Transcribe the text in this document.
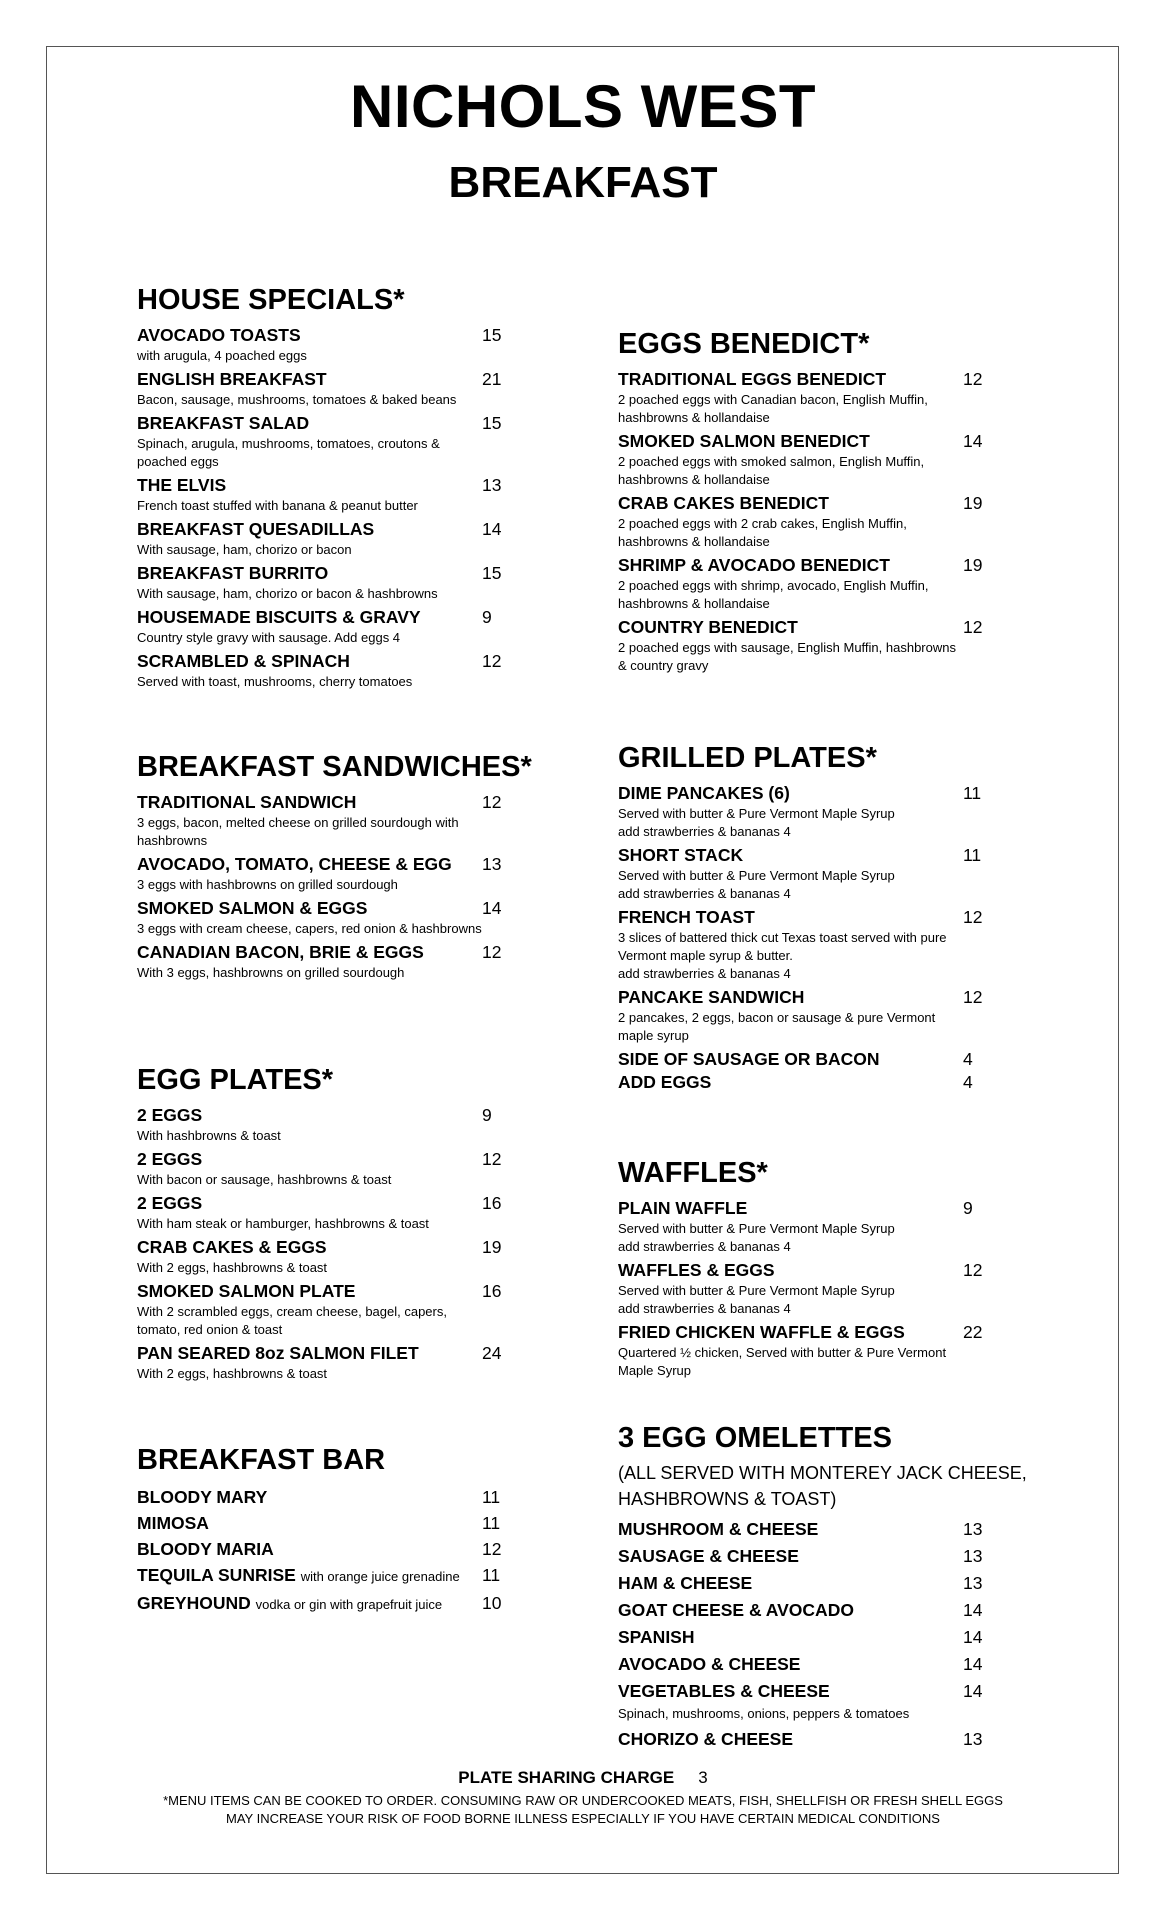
NICHOLS WEST
BREAKFAST
HOUSE SPECIALS*
AVOCADO TOASTS	15
with arugula, 4 poached eggs
ENGLISH BREAKFAST	21
Bacon, sausage, mushrooms, tomatoes & baked beans
BREAKFAST SALAD	15
Spinach, arugula, mushrooms, tomatoes, croutons & poached eggs
THE ELVIS	13
French toast stuffed with banana & peanut butter
BREAKFAST QUESADILLAS	14
With sausage, ham, chorizo or bacon
BREAKFAST BURRITO	15
With sausage, ham, chorizo or bacon & hashbrowns
HOUSEMADE BISCUITS & GRAVY	9
Country style gravy with sausage. Add eggs 4
SCRAMBLED & SPINACH	12
Served with toast, mushrooms, cherry tomatoes
BREAKFAST SANDWICHES*
TRADITIONAL SANDWICH	12
3 eggs, bacon, melted cheese on grilled sourdough with hashbrowns
AVOCADO, TOMATO, CHEESE & EGG	13
3 eggs with hashbrowns on grilled sourdough
SMOKED SALMON & EGGS	14
3 eggs with cream cheese, capers, red onion & hashbrowns
CANADIAN BACON, BRIE & EGGS	12
With 3 eggs, hashbrowns on grilled sourdough
EGG PLATES*
2 EGGS	9
With hashbrowns & toast
2 EGGS	12
With bacon or sausage, hashbrowns & toast
2 EGGS	16
With ham steak or hamburger, hashbrowns & toast
CRAB CAKES & EGGS	19
With 2 eggs, hashbrowns & toast
SMOKED SALMON PLATE	16
With 2 scrambled eggs, cream cheese, bagel, capers, tomato, red onion & toast
PAN SEARED 8oz SALMON FILET	24
With 2 eggs, hashbrowns & toast
BREAKFAST BAR
BLOODY MARY	11
MIMOSA	11
BLOODY MARIA	12
TEQUILA SUNRISE with orange juice grenadine	11
GREYHOUND vodka or gin with grapefruit juice	10
EGGS BENEDICT*
TRADITIONAL EGGS BENEDICT	12
2 poached eggs with Canadian bacon, English Muffin, hashbrowns & hollandaise
SMOKED SALMON BENEDICT	14
2 poached eggs with smoked salmon, English Muffin, hashbrowns & hollandaise
CRAB CAKES BENEDICT	19
2 poached eggs with 2 crab cakes, English Muffin, hashbrowns & hollandaise
SHRIMP & AVOCADO BENEDICT	19
2 poached eggs with shrimp, avocado, English Muffin, hashbrowns & hollandaise
COUNTRY BENEDICT	12
2 poached eggs with sausage, English Muffin, hashbrowns & country gravy
GRILLED PLATES*
DIME PANCAKES (6)	11
Served with butter & Pure Vermont Maple Syrup
add strawberries & bananas 4
SHORT STACK	11
Served with butter & Pure Vermont Maple Syrup
add strawberries & bananas 4
FRENCH TOAST	12
3 slices of battered thick cut Texas toast served with pure Vermont maple syrup & butter.
add strawberries & bananas 4
PANCAKE SANDWICH	12
2 pancakes, 2 eggs, bacon or sausage & pure Vermont maple syrup
SIDE OF SAUSAGE OR BACON	4
ADD EGGS	4
WAFFLES*
PLAIN WAFFLE	9
Served with butter & Pure Vermont Maple Syrup
add strawberries & bananas 4
WAFFLES & EGGS	12
Served with butter & Pure Vermont Maple Syrup
add strawberries & bananas 4
FRIED CHICKEN WAFFLE & EGGS	22
Quartered ½ chicken, Served with butter & Pure Vermont Maple Syrup
3 EGG OMELETTES
(ALL SERVED WITH MONTEREY JACK CHEESE, HASHBROWNS & TOAST)
MUSHROOM & CHEESE	13
SAUSAGE & CHEESE	13
HAM & CHEESE	13
GOAT CHEESE & AVOCADO	14
SPANISH	14
AVOCADO & CHEESE	14
VEGETABLES & CHEESE	14
Spinach, mushrooms, onions, peppers & tomatoes
CHORIZO & CHEESE	13
PLATE SHARING CHARGE 3
*MENU ITEMS CAN BE COOKED TO ORDER. CONSUMING RAW OR UNDERCOOKED MEATS, FISH, SHELLFISH OR FRESH SHELL EGGS MAY INCREASE YOUR RISK OF FOOD BORNE ILLNESS ESPECIALLY IF YOU HAVE CERTAIN MEDICAL CONDITIONS
